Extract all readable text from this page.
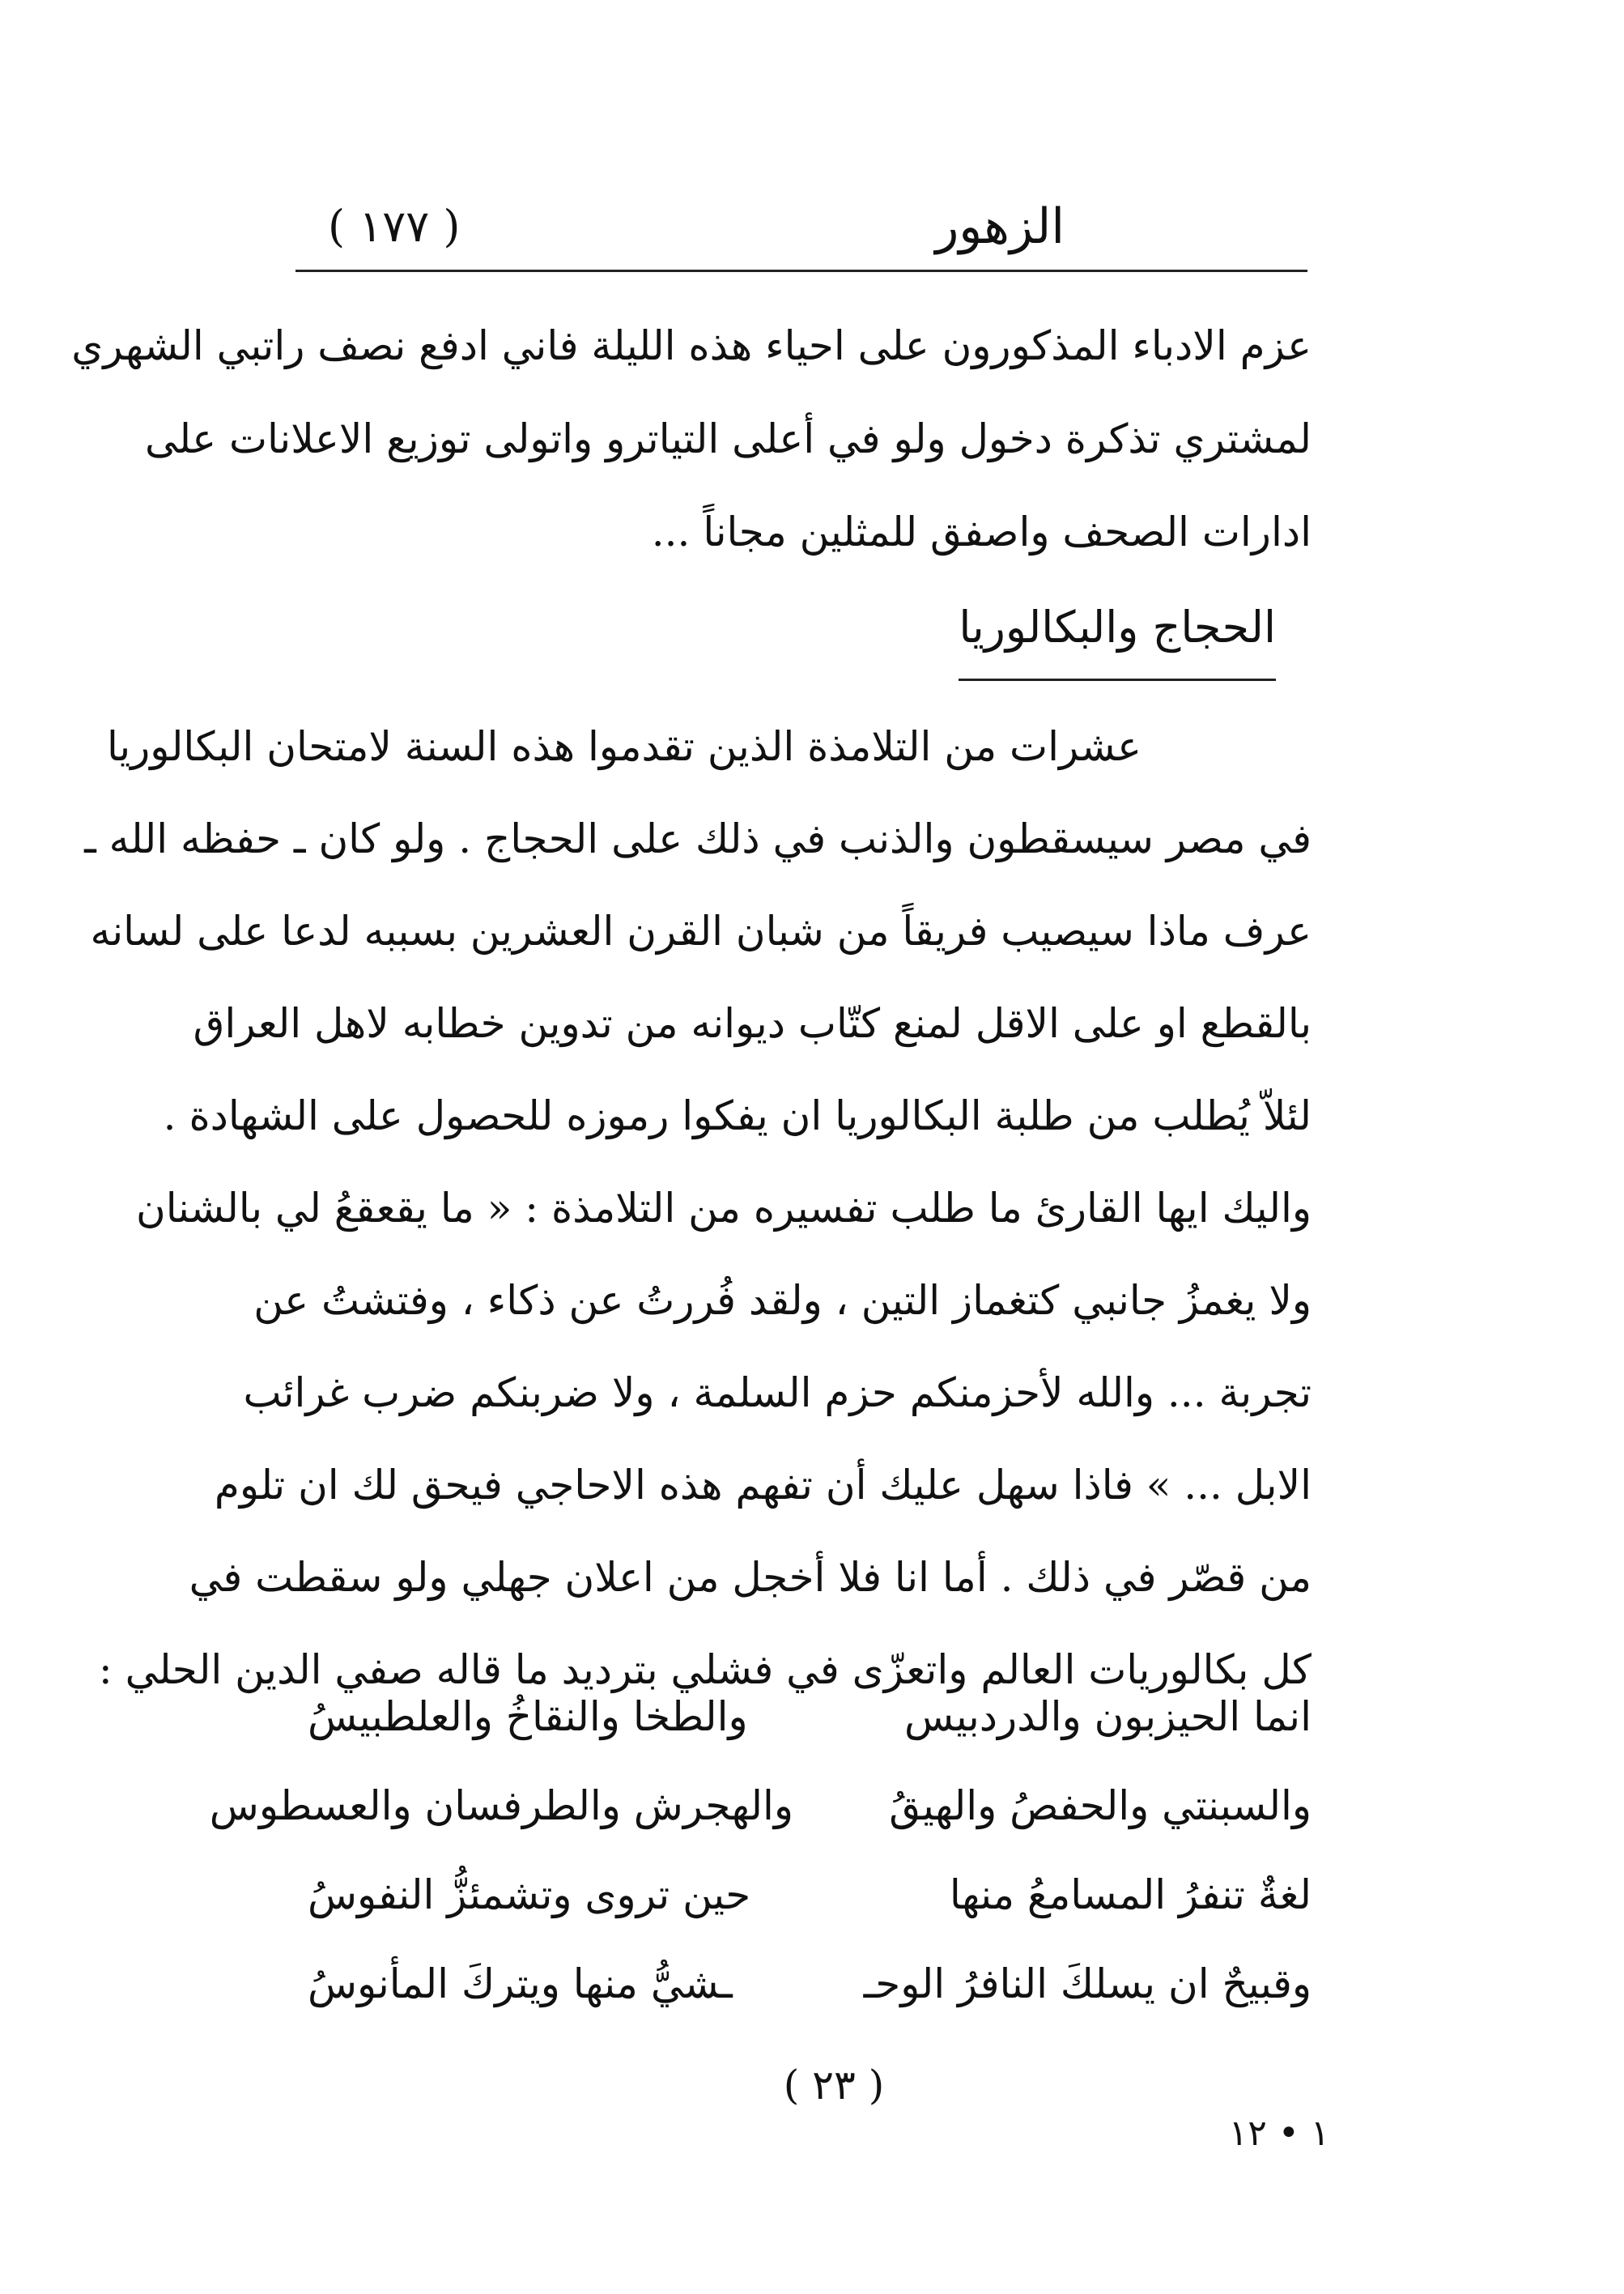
الزهور
( ١٧٧ )
عزم الادباء المذكورون على احياء هذه الليلة فاني ادفع نصف راتبي الشهري
لمشتري تذكرة دخول ولو في أعلى التياترو واتولى توزيع الاعلانات على
ادارات الصحف واصفق للمثلين مجاناً ...
الحجاج والبكالوريا
عشرات من التلامذة الذين تقدموا هذه السنة لامتحان البكالوريا
في مصر سيسقطون والذنب في ذلك على الحجاج . ولو كان ـ حفظه الله ـ
عرف ماذا سيصيب فريقاً من شبان القرن العشرين بسببه لدعا على لسانه
بالقطع او على الاقل لمنع كتّاب ديوانه من تدوين خطابه لاهل العراق
لئلاّ يُطلب من طلبة البكالوريا ان يفكوا رموزه للحصول على الشهادة .
واليك ايها القارئ ما طلب تفسيره من التلامذة : « ما يقعقعُ لي بالشنان
ولا يغمزُ جانبي كتغماز التين ، ولقد فُررتُ عن ذكاء ، وفتشتُ عن
تجربة ... والله لأحزمنكم حزم السلمة ، ولا ضربنكم ضرب غرائب
الابل ... » فاذا سهل عليك أن تفهم هذه الاحاجي فيحق لك ان تلوم
من قصّر في ذلك . أما انا فلا أخجل من اعلان جهلي ولو سقطت في
كل بكالوريات العالم واتعزّى في فشلي بترديد ما قاله صفي الدين الحلي :
انما الحيزبون والدردبيس
والطخا والنقاخُ والعلطبيسُ
والسبنتي والحفصُ والهيقُ
والهجرش والطرفسان والعسطوس
لغةٌ تنفرُ المسامعُ منها
حين تروى وتشمئزُّ النفوسُ
وقبيحٌ ان يسلكَ النافرُ الوحـ
ـشيُّ منها ويتركَ المأنوسُ
( ٢٣ )
١ • ١٢
